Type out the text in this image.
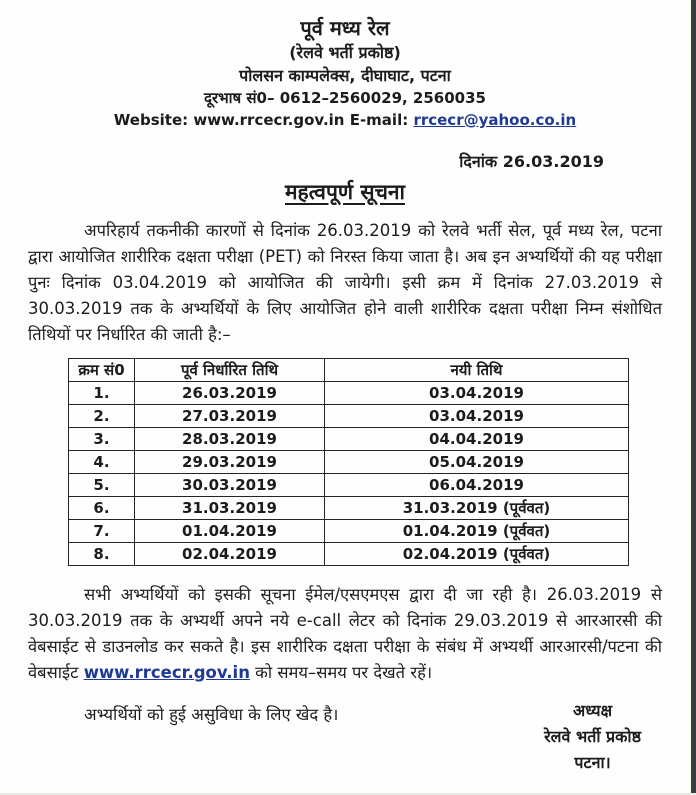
पूर्व मध्य रेल
(रेलवे भर्ती प्रकोष्ठ)
पोलसन काम्पलेक्स, दीघाघाट, पटना
दूरभाष सं0– 0612–2560029, 2560035
Website: www.rrcecr.gov.in E-mail: rrcecr@yahoo.co.in
दिनांक 26.03.2019
महत्वपूर्ण सूचना

अपरिहार्य तकनीकी कारणों से दिनांक 26.03.2019 को रेलवे भर्ती सेल, पूर्व मध्य रेल, पटना द्वारा आयोजित शारीरिक दक्षता परीक्षा (PET) को निरस्त किया जाता है। अब इन अभ्यर्थियों की यह परीक्षा पुनः दिनांक 03.04.2019 को आयोजित की जायेगी। इसी क्रम में दिनांक 27.03.2019 से 30.03.2019 तक के अभ्यर्थियों के लिए आयोजित होने वाली शारीरिक दक्षता परीक्षा निम्न संशोधित तिथियों पर निर्धारित की जाती है:–

क्रम सं0	पूर्व निर्धारित तिथि	नयी तिथि
1.	26.03.2019	03.04.2019
2.	27.03.2019	03.04.2019
3.	28.03.2019	04.04.2019
4.	29.03.2019	05.04.2019
5.	30.03.2019	06.04.2019
6.	31.03.2019	31.03.2019 (पूर्ववत)
7.	01.04.2019	01.04.2019 (पूर्ववत)
8.	02.04.2019	02.04.2019 (पूर्ववत)

सभी अभ्यर्थियों को इसकी सूचना ईमेल/एसएमएस द्वारा दी जा रही है। 26.03.2019 से 30.03.2019 तक के अभ्यर्थी अपने नये e-call लेटर को दिनांक 29.03.2019 से आरआरसी की वेबसाईट से डाउनलोड कर सकते है। इस शारीरिक दक्षता परीक्षा के संबंध में अभ्यर्थी आरआरसी/पटना की वेबसाईट www.rrcecr.gov.in को समय–समय पर देखते रहें।

अभ्यर्थियों को हुई असुविधा के लिए खेद है।	अध्यक्ष
रेलवे भर्ती प्रकोष्ठ
पटना।
